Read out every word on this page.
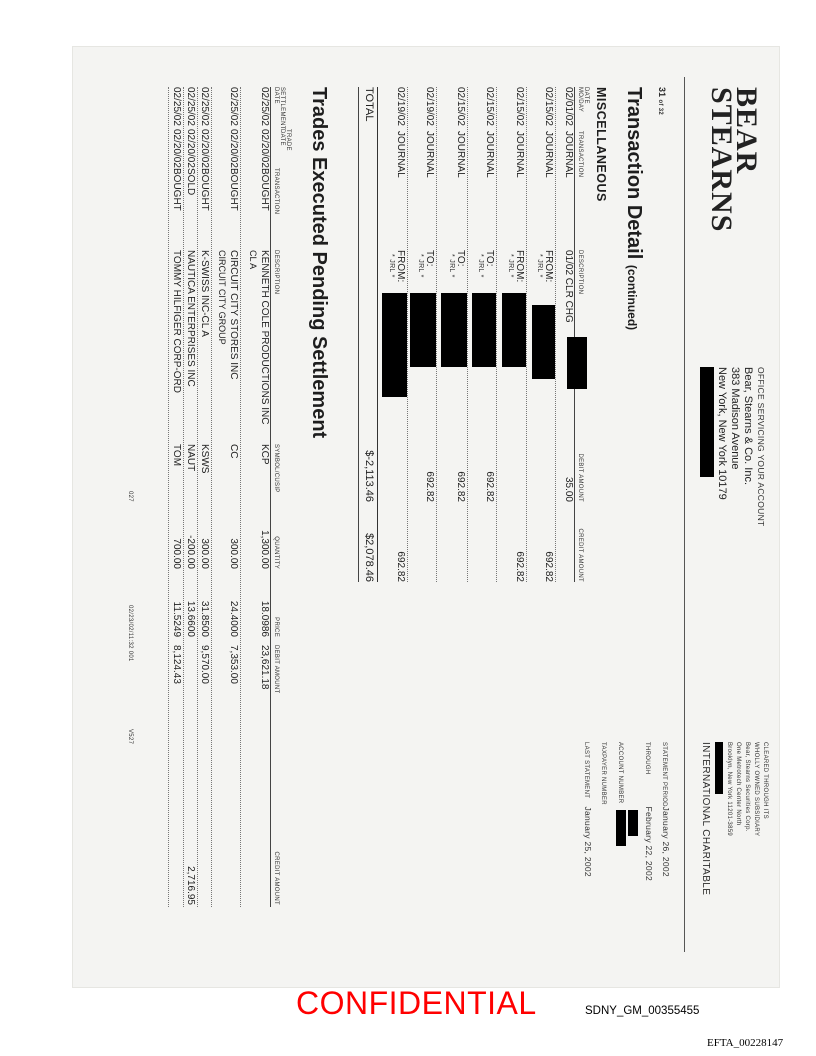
BEAR
STEARNS
OFFICE SERVICING YOUR ACCOUNT
Bear, Stearns & Co. Inc.
383 Madison Avenue
New York, New York 10179
CLEARED THROUGH ITS
WHOLLY OWNED SUBSIDIARY
Bear, Stearns Securities Corp.
One Metrotech Center North
Brooklyn, New York 11201-3859
INTERNATIONAL CHARITABLE
31 of 32
STATEMENT PERIOD January 26, 2002
THROUGH February 22, 2002
ACCOUNT NUMBER
TAXPAYER NUMBER
LAST STATEMENT January 25, 2002
Transaction Detail (continued)
MISCELLANEOUS
DATE
MO/DAY
TRANSACTION
DESCRIPTION
DEBIT AMOUNT
CREDIT AMOUNT
02/01/02
JOURNAL
01/02 CLR CHG
35.00
02/15/02
JOURNAL
FROM:
* JRL *
692.82
02/15/02
JOURNAL
FROM:
* JRL *
692.82
02/15/02
JOURNAL
TO:
* JRL *
692.82
02/15/02
JOURNAL
TO:
* JRL *
692.82
02/19/02
JOURNAL
TO:
* JRL *
692.82
02/19/02
JOURNAL
FROM:
* JRL *
692.82
TOTAL
$-2,113.46
$2,078.46
Trades Executed Pending Settlement
SETTLEMENT
DATE
TRADE
DATE
TRANSACTION
DESCRIPTION
SYMBOL/CUSIP
QUANTITY
PRICE
DEBIT AMOUNT
CREDIT AMOUNT
02/25/02
02/20/02
BOUGHT
KENNETH COLE PRODUCTIONS INC
CL A
KCP
1,300.00
18.0986
23,621.18
02/25/02
02/20/02
BOUGHT
CIRCUIT CITY STORES INC
CIRCUIT CITY GROUP
CC
300.00
24.4000
7,353.00
02/25/02
02/20/02
BOUGHT
K-SWISS INC-CL A
KSWS
300.00
31.8500
9,570.00
02/25/02
02/20/02
SOLD
NAUTICA ENTERPRISES INC
NAUT
-200.00
13.6600
2,716.95
02/25/02
02/20/02
BOUGHT
TOMMY HILFIGER CORP-ORD
TOM
700.00
11.5249
8,124.43
027
02/23/02/11:32 001
V527
CONFIDENTIAL	SDNY_GM_00355455
EFTA_00228147
